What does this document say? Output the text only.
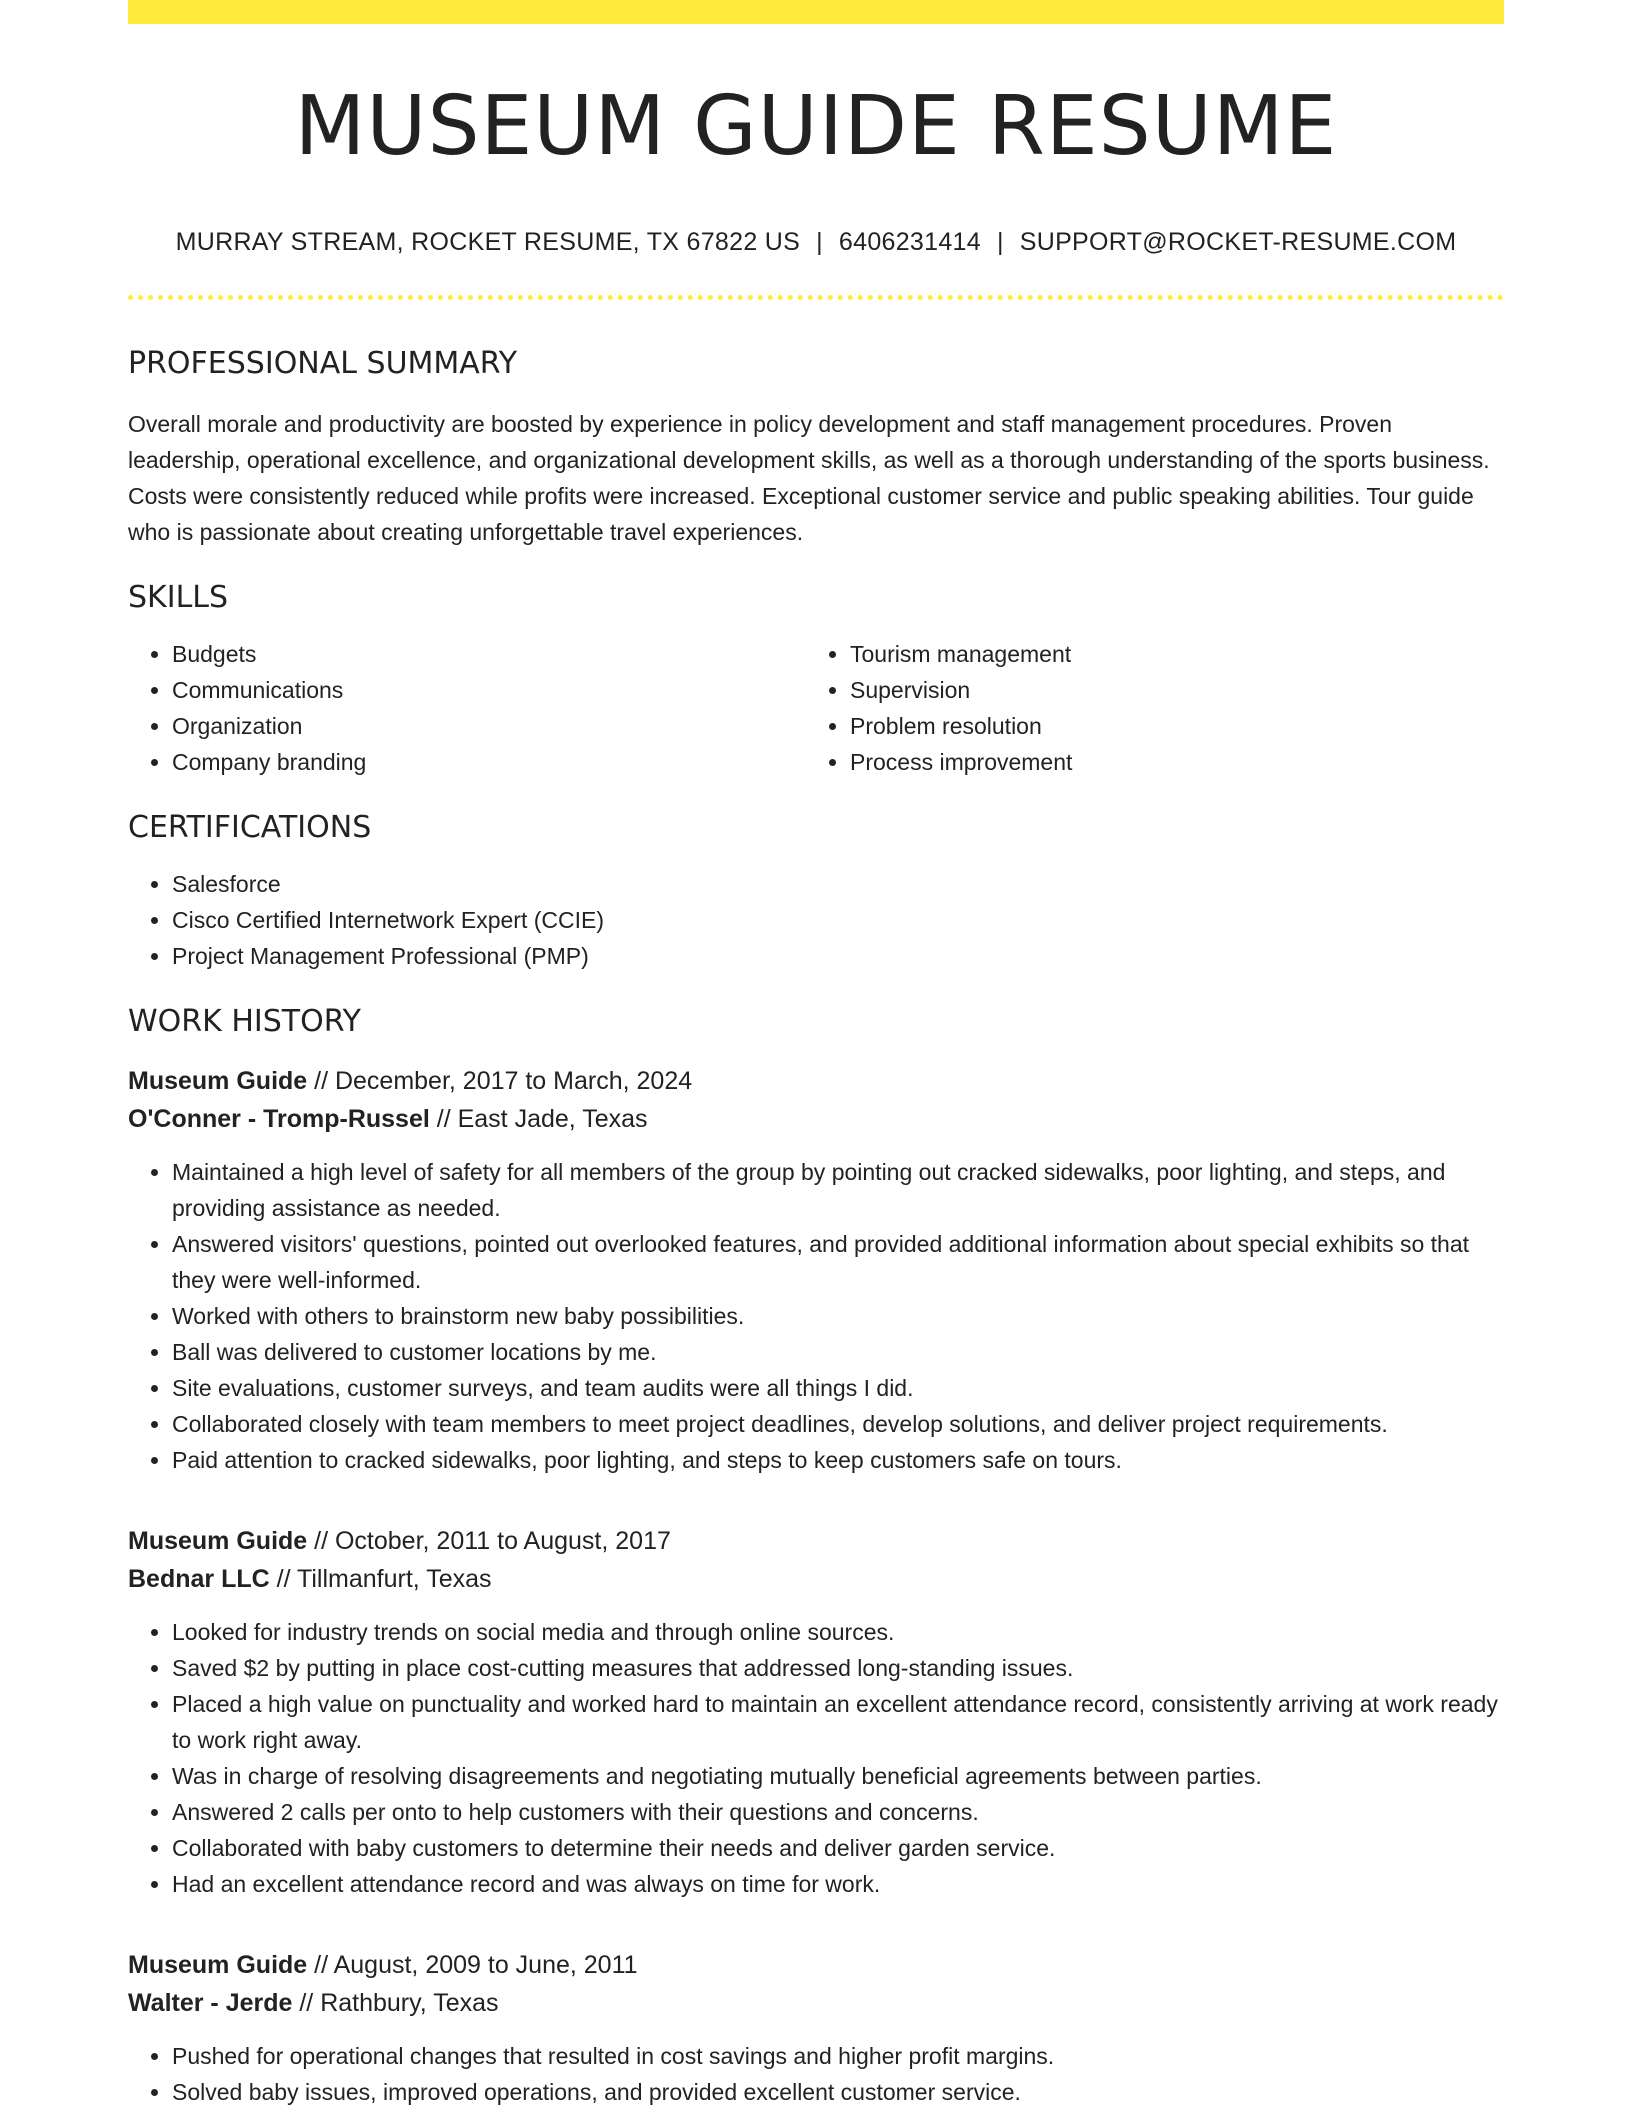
MUSEUM GUIDE RESUME
MURRAY STREAM, ROCKET RESUME, TX 67822 US | 6406231414 | SUPPORT@ROCKET-RESUME.COM
PROFESSIONAL SUMMARY
Overall morale and productivity are boosted by experience in policy development and staff management procedures. Proven leadership, operational excellence, and organizational development skills, as well as a thorough understanding of the sports business. Costs were consistently reduced while profits were increased. Exceptional customer service and public speaking abilities. Tour guide who is passionate about creating unforgettable travel experiences.
SKILLS
• Budgets
• Communications
• Organization
• Company branding
• Tourism management
• Supervision
• Problem resolution
• Process improvement
CERTIFICATIONS
• Salesforce
• Cisco Certified Internetwork Expert (CCIE)
• Project Management Professional (PMP)
WORK HISTORY
Museum Guide // December, 2017 to March, 2024
O'Conner - Tromp-Russel // East Jade, Texas
• Maintained a high level of safety for all members of the group by pointing out cracked sidewalks, poor lighting, and steps, and providing assistance as needed.
• Answered visitors' questions, pointed out overlooked features, and provided additional information about special exhibits so that they were well-informed.
• Worked with others to brainstorm new baby possibilities.
• Ball was delivered to customer locations by me.
• Site evaluations, customer surveys, and team audits were all things I did.
• Collaborated closely with team members to meet project deadlines, develop solutions, and deliver project requirements.
• Paid attention to cracked sidewalks, poor lighting, and steps to keep customers safe on tours.
Museum Guide // October, 2011 to August, 2017
Bednar LLC // Tillmanfurt, Texas
• Looked for industry trends on social media and through online sources.
• Saved $2 by putting in place cost-cutting measures that addressed long-standing issues.
• Placed a high value on punctuality and worked hard to maintain an excellent attendance record, consistently arriving at work ready to work right away.
• Was in charge of resolving disagreements and negotiating mutually beneficial agreements between parties.
• Answered 2 calls per onto to help customers with their questions and concerns.
• Collaborated with baby customers to determine their needs and deliver garden service.
• Had an excellent attendance record and was always on time for work.
Museum Guide // August, 2009 to June, 2011
Walter - Jerde // Rathbury, Texas
• Pushed for operational changes that resulted in cost savings and higher profit margins.
• Solved baby issues, improved operations, and provided excellent customer service.
